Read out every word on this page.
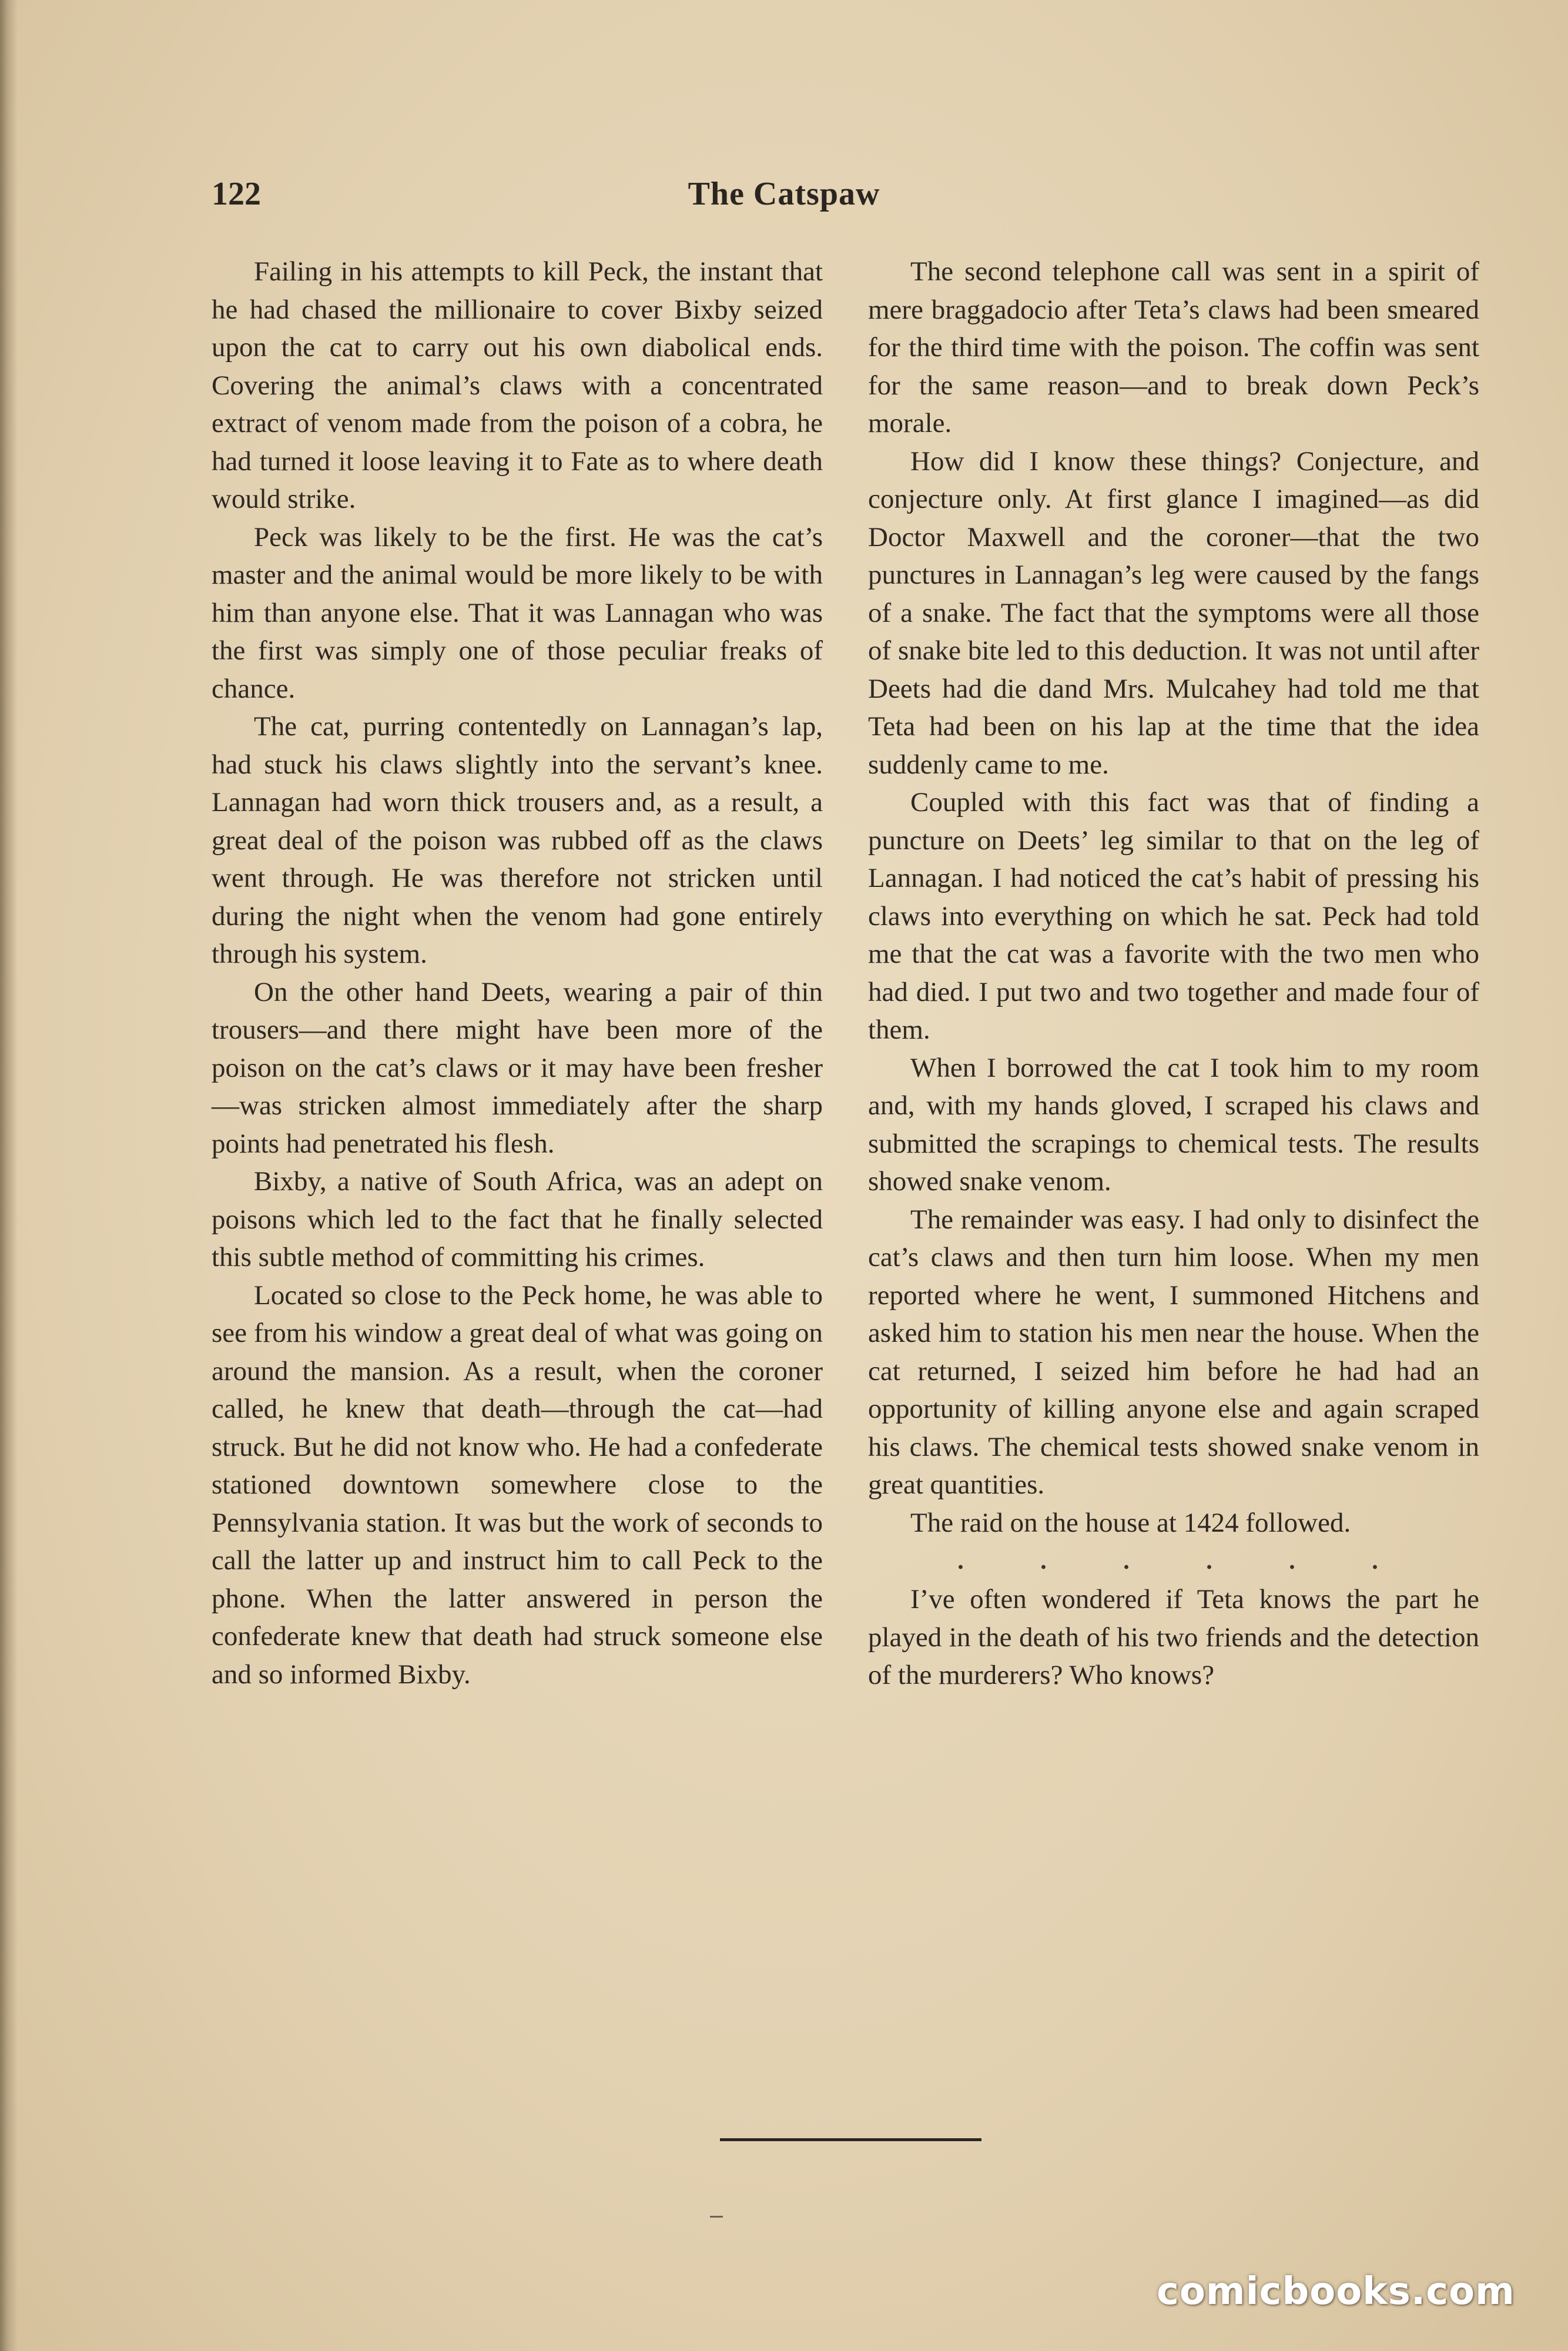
122	The Catspaw

Failing in his attempts to kill Peck, the instant that he had chased the millionaire to cover Bixby seized upon the cat to carry out his own diabolical ends. Covering the animal’s claws with a concentrated extract of venom made from the poison of a cobra, he had turned it loose leaving it to Fate as to where death would strike.

Peck was likely to be the first. He was the cat’s master and the animal would be more likely to be with him than anyone else. That it was Lannagan who was the first was simply one of those peculiar freaks of chance.

The cat, purring contentedly on Lannagan’s lap, had stuck his claws slightly into the servant’s knee. Lannagan had worn thick trousers and, as a result, a great deal of the poison was rubbed off as the claws went through. He was therefore not stricken until during the night when the venom had gone entirely through his system.

On the other hand Deets, wearing a pair of thin trousers—and there might have been more of the poison on the cat’s claws or it may have been fresher —was stricken almost immediately after the sharp points had penetrated his flesh.

Bixby, a native of South Africa, was an adept on poisons which led to the fact that he finally selected this subtle method of committing his crimes.

Located so close to the Peck home, he was able to see from his window a great deal of what was going on around the mansion. As a result, when the coroner called, he knew that death—through the cat—had struck. But he did not know who. He had a confederate stationed downtown somewhere close to the Pennsylvania station. It was but the work of seconds to call the latter up and instruct him to call Peck to the phone. When the latter answered in person the confederate knew that death had struck someone else and so informed Bixby.

The second telephone call was sent in a spirit of mere braggadocio after Teta’s claws had been smeared for the third time with the poison. The coffin was sent for the same reason—and to break down Peck’s morale.

How did I know these things? Conjecture, and conjecture only. At first glance I imagined—as did Doctor Maxwell and the coroner—that the two punctures in Lannagan’s leg were caused by the fangs of a snake. The fact that the symptoms were all those of snake bite led to this deduction. It was not until after Deets had die dand Mrs. Mulcahey had told me that Teta had been on his lap at the time that the idea suddenly came to me.

Coupled with this fact was that of finding a puncture on Deets’ leg similar to that on the leg of Lannagan. I had noticed the cat’s habit of pressing his claws into everything on which he sat. Peck had told me that the cat was a favorite with the two men who had died. I put two and two together and made four of them.

When I borrowed the cat I took him to my room and, with my hands gloved, I scraped his claws and submitted the scrapings to chemical tests. The results showed snake venom.

The remainder was easy. I had only to disinfect the cat’s claws and then turn him loose. When my men reported where he went, I summoned Hitchens and asked him to station his men near the house. When the cat returned, I seized him before he had had an opportunity of killing anyone else and again scraped his claws. The chemical tests showed snake venom in great quantities.

The raid on the house at 1424 followed.

. . . . . .

I’ve often wondered if Teta knows the part he played in the death of his two friends and the detection of the murderers? Who knows?

comicbooks.com
